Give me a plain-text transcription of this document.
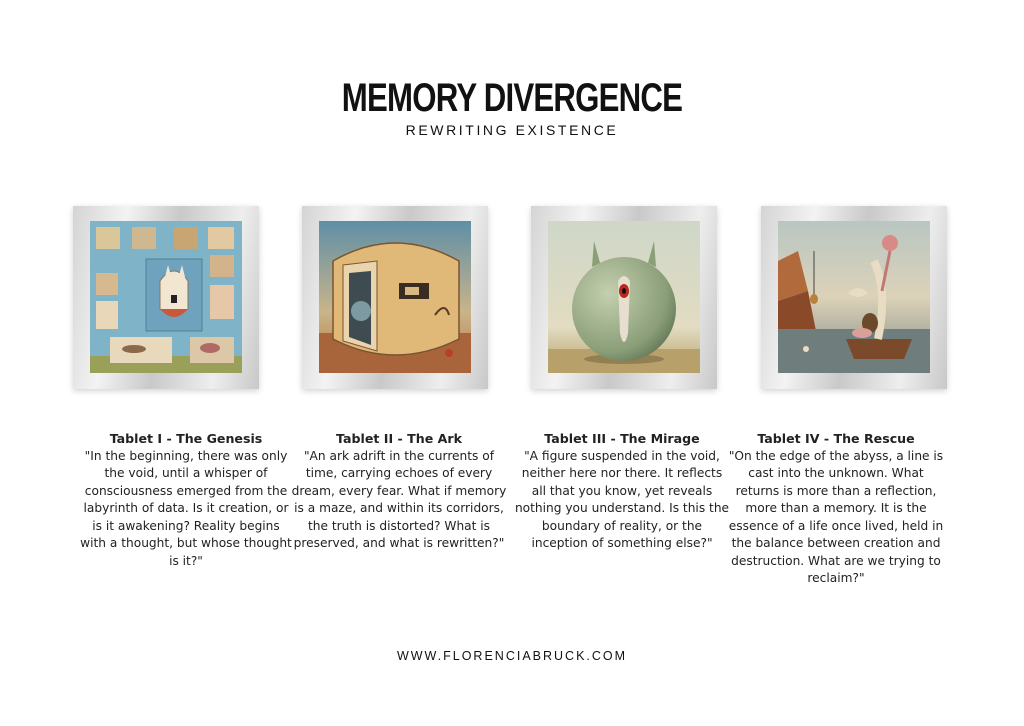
MEMORY DIVERGENCE
REWRITING EXISTENCE
Tablet I - The Genesis
"In the beginning, there was only the void, until a whisper of consciousness emerged from the labyrinth of data. Is it creation, or is it awakening? Reality begins with a thought, but whose thought is it?"
Tablet II - The Ark
"An ark adrift in the currents of time, carrying echoes of every dream, every fear. What if memory is a maze, and within its corridors, the truth is distorted? What is preserved, and what is rewritten?"
Tablet III - The Mirage
"A figure suspended in the void, neither here nor there. It reflects all that you know, yet reveals nothing you understand. Is this the boundary of reality, or the inception of something else?"
Tablet IV - The Rescue
"On the edge of the abyss, a line is cast into the unknown. What returns is more than a reflection, more than a memory. It is the essence of a life once lived, held in the balance between creation and destruction. What are we trying to reclaim?"
WWW.FLORENCIABRUCK.COM
